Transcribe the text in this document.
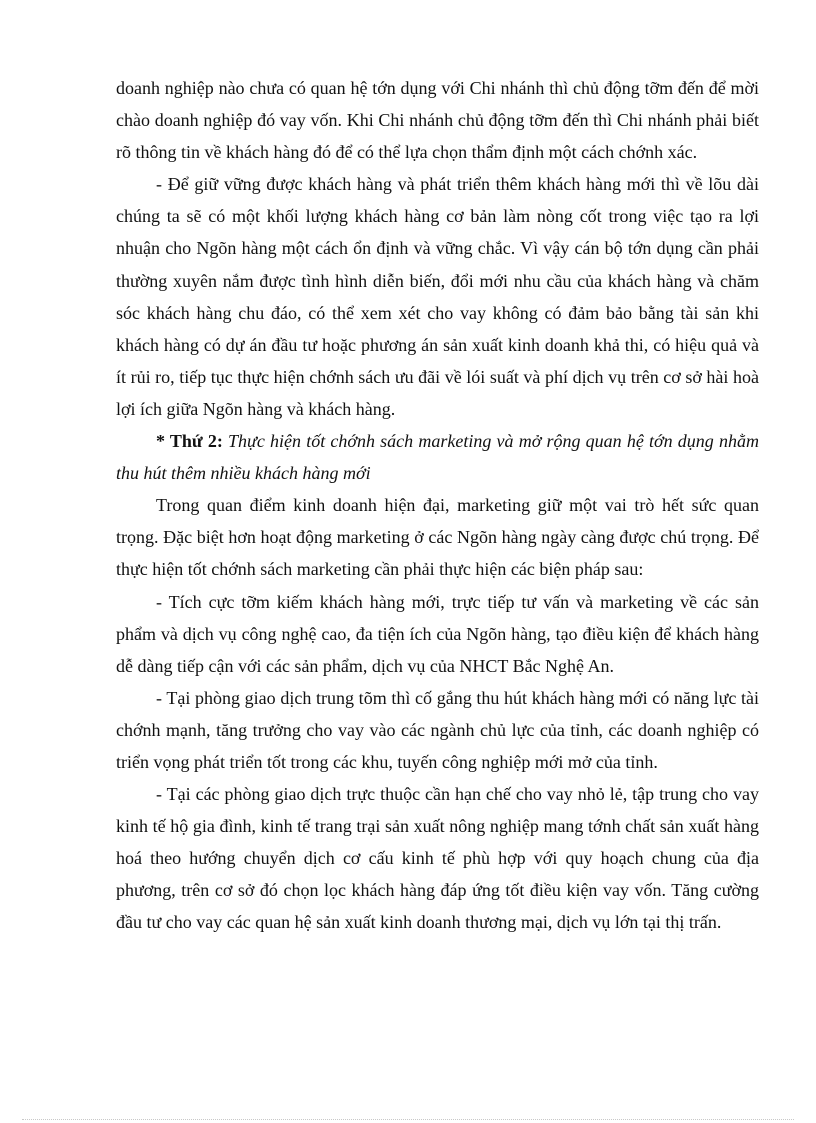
doanh nghiệp nào chưa có quan hệ tớn dụng với Chi nhánh thì chủ động tỡm đến để mời chào doanh nghiệp đó vay vốn. Khi Chi nhánh chủ động tỡm đến thì Chi nhánh phải biết rõ thông tin về khách hàng đó để có thể lựa chọn thẩm định một cách chớnh xác.

- Để giữ vững được khách hàng và phát triển thêm khách hàng mới thì về lõu dài chúng ta sẽ có một khối lượng khách hàng cơ bản làm nòng cốt trong việc tạo ra lợi nhuận cho Ngõn hàng một cách ổn định và vững chắc. Vì vậy cán bộ tớn dụng cần phải thường xuyên nắm được tình hình diễn biến, đổi mới nhu cầu của khách hàng và chăm sóc khách hàng chu đáo, có thể xem xét cho vay không có đảm bảo bằng tài sản khi khách hàng có dự án đầu tư hoặc phương án sản xuất kinh doanh khả thi, có hiệu quả và ít rủi ro, tiếp tục thực hiện chớnh sách ưu đãi về lói suất và phí dịch vụ trên cơ sở hài hoà lợi ích giữa Ngõn hàng và khách hàng.

* Thứ 2: Thực hiện tốt chớnh sách marketing và mở rộng quan hệ tớn dụng nhằm thu hút thêm nhiều khách hàng mới

Trong quan điểm kinh doanh hiện đại, marketing giữ một vai trò hết sức quan trọng. Đặc biệt hơn hoạt động marketing ở các Ngõn hàng ngày càng được chú trọng. Để thực hiện tốt chớnh sách marketing cần phải thực hiện các biện pháp sau:

- Tích cực tỡm kiếm khách hàng mới, trực tiếp tư vấn và marketing về các sản phẩm và dịch vụ công nghệ cao, đa tiện ích của Ngõn hàng, tạo điều kiện để khách hàng dễ dàng tiếp cận với các sản phẩm, dịch vụ của NHCT Bắc Nghệ An.

- Tại phòng giao dịch trung tõm thì cố gắng thu hút khách hàng mới có năng lực tài chớnh mạnh, tăng trưởng cho vay vào các ngành chủ lực của tỉnh, các doanh nghiệp có triển vọng phát triển tốt trong các khu, tuyến công nghiệp mới mở của tỉnh.

- Tại các phòng giao dịch trực thuộc cần hạn chế cho vay nhỏ lẻ, tập trung cho vay kinh tế hộ gia đình, kinh tế trang trại sản xuất nông nghiệp mang tớnh chất sản xuất hàng hoá theo hướng chuyển dịch cơ cấu kinh tế phù hợp với quy hoạch chung của địa phương, trên cơ sở đó chọn lọc khách hàng đáp ứng tốt điều kiện vay vốn. Tăng cường đầu tư cho vay các quan hệ sản xuất kinh doanh thương mại, dịch vụ lớn tại thị trấn.
